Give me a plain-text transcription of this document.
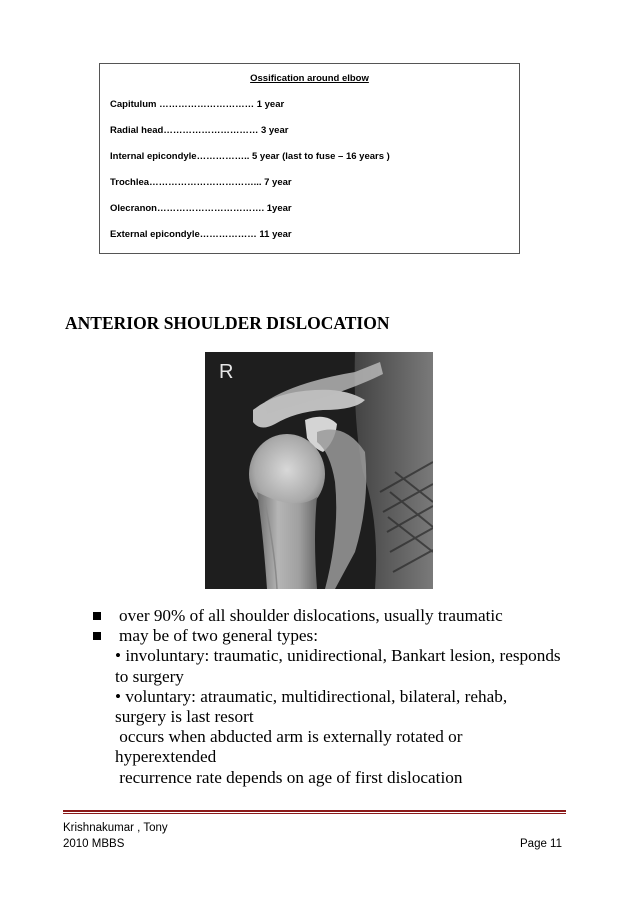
Ossification around elbow
Capitulum ………………………… 1 year
Radial head………………………… 3 year
Internal epicondyle…………….. 5 year (last to fuse – 16 years )
Trochlea……………………………... 7 year
Olecranon……………………………. 1year
External epicondyle……………… 11 year
ANTERIOR SHOULDER DISLOCATION
R
over 90% of all shoulder dislocations, usually traumatic
may be of two general types:
• involuntary: traumatic, unidirectional, Bankart lesion, responds
to surgery
• voluntary: atraumatic, multidirectional, bilateral, rehab,
surgery is last resort
occurs when abducted arm is externally rotated or
hyperextended
recurrence rate depends on age of first dislocation
Krishnakumar , Tony
2010 MBBS	Page 11
